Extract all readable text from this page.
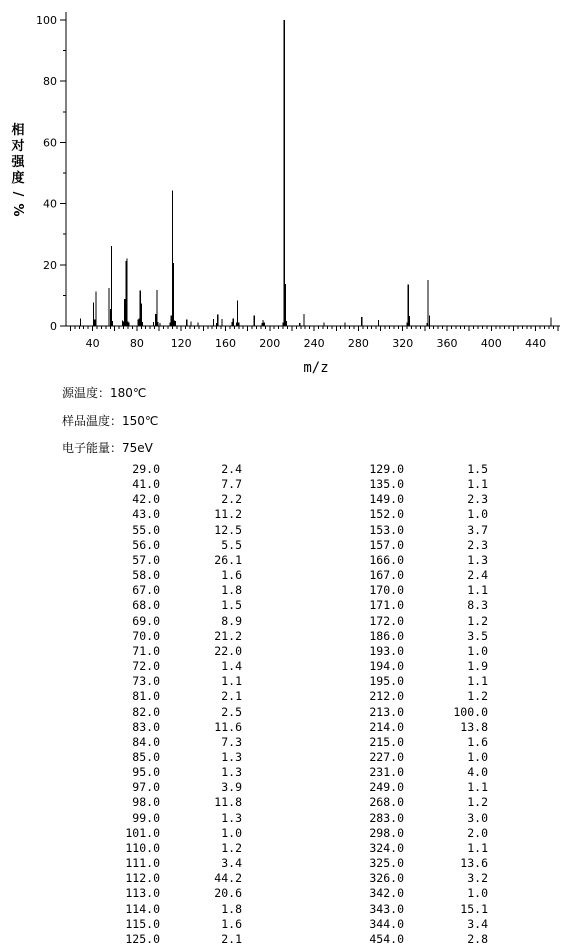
相
对
强
度
/
%
40	80 120 160 200 240 280 320 360 400 440
0
20
40
60
80
100
m/z
源温度：180℃
样品温度：150℃
电子能量：75eV
29.0	2.4	129.0	1.5
41.0	7.7	135.0	1.1
42.0	2.2	149.0	2.3
43.0	11.2	152.0	1.0
55.0	12.5	153.0	3.7
56.0	5.5	157.0	2.3
57.0	26.1	166.0	1.3
58.0	1.6	167.0	2.4
67.0	1.8	170.0	1.1
68.0	1.5	171.0	8.3
69.0	8.9	172.0	1.2
70.0	21.2	186.0	3.5
71.0	22.0	193.0	1.0
72.0	1.4	194.0	1.9
73.0	1.1	195.0	1.1
81.0	2.1	212.0	1.2
82.0	2.5	213.0	100.0
83.0	11.6	214.0	13.8
84.0	7.3	215.0	1.6
85.0	1.3	227.0	1.0
95.0	1.3	231.0	4.0
97.0	3.9	249.0	1.1
98.0	11.8	268.0	1.2
99.0	1.3	283.0	3.0
101.0	1.0	298.0	2.0
110.0	1.2	324.0	1.1
111.0	3.4	325.0	13.6
112.0	44.2	326.0	3.2
113.0	20.6	342.0	1.0
114.0	1.8	343.0	15.1
115.0	1.6	344.0	3.4
125.0	2.1	454.0	2.8
